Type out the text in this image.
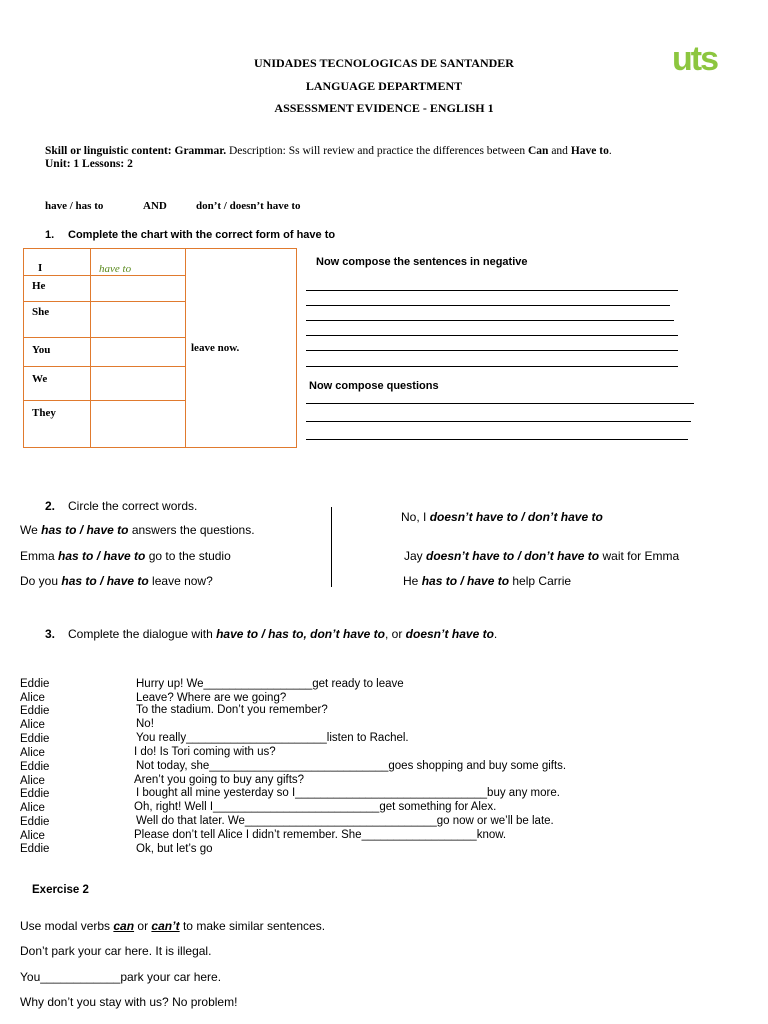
uts
UNIDADES TECNOLOGICAS DE SANTANDER
LANGUAGE DEPARTMENT
ASSESSMENT EVIDENCE - ENGLISH 1
Skill or linguistic content: Grammar. Description: Ss will review and practice the differences between Can and Have to.
Unit: 1 Lessons: 2
have / has to	AND	don’t / doesn’t have to
1. Complete the chart with the correct form of have to
I	have to	leave now.
He		
She		
You		
We		
They		
Now compose the sentences in negative
Now compose questions
2. Circle the correct words.
We has to / have to answers the questions.
Emma has to / have to go to the studio
Do you has to / have to leave now?
No, I doesn’t have to / don’t have to
Jay doesn’t have to / don’t have to wait for Emma
He has to / have to help Carrie
3. Complete the dialogue with have to / has to, don’t have to, or doesn’t have to.
Eddie	Hurry up! We_________________get ready to leave
Alice	Leave? Where are we going?
Eddie	To the stadium. Don’t you remember?
Alice	No!
Eddie	You really______________________listen to Rachel.
Alice	I do! Is Tori coming with us?
Eddie	Not today, she____________________________goes shopping and buy some gifts.
Alice	Aren’t you going to buy any gifts?
Eddie	I bought all mine yesterday so I______________________________buy any more.
Alice	Oh, right! Well I__________________________get something for Alex.
Eddie	Well do that later. We______________________________go now or we’ll be late.
Alice	Please don’t tell Alice I didn’t remember. She__________________know.
Eddie	Ok, but let’s go
Exercise 2
Use modal verbs can or can’t to make similar sentences.
Don’t park your car here. It is illegal.
You____________park your car here.
Why don’t you stay with us? No problem!
